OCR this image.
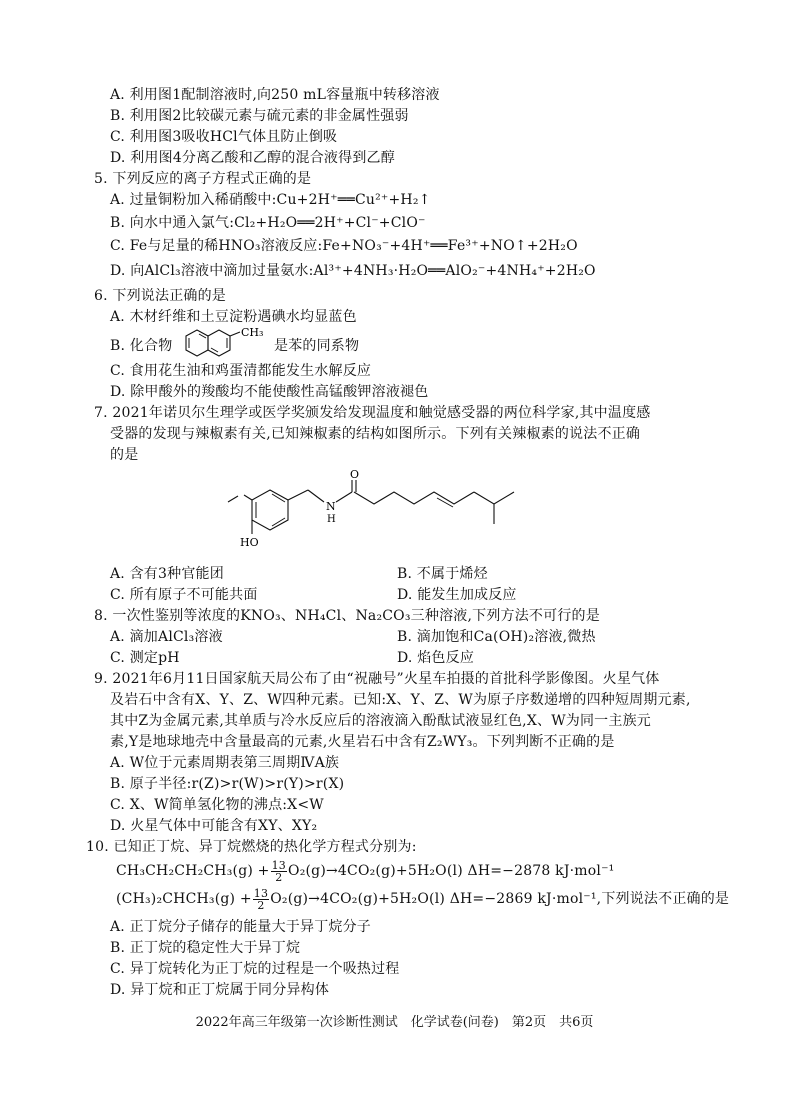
A. 利用图1配制溶液时,向250 mL容量瓶中转移溶液
B. 利用图2比较碳元素与硫元素的非金属性强弱
C. 利用图3吸收HCl气体且防止倒吸
D. 利用图4分离乙酸和乙醇的混合液得到乙醇
5. 下列反应的离子方程式正确的是
A. 过量铜粉加入稀硝酸中:Cu+2H⁺══Cu²⁺+H₂↑
B. 向水中通入氯气:Cl₂+H₂O══2H⁺+Cl⁻+ClO⁻
C. Fe与足量的稀HNO₃溶液反应:Fe+NO₃⁻+4H⁺══Fe³⁺+NO↑+2H₂O
D. 向AlCl₃溶液中滴加过量氨水:Al³⁺+4NH₃·H₂O══AlO₂⁻+4NH₄⁺+2H₂O
6. 下列说法正确的是
A. 木材纤维和土豆淀粉遇碘水均显蓝色
B. 化合物
CH₃
是苯的同系物
C. 食用花生油和鸡蛋清都能发生水解反应
D. 除甲酸外的羧酸均不能使酸性高锰酸钾溶液褪色
7. 2021年诺贝尔生理学或医学奖颁发给发现温度和触觉感受器的两位科学家,其中温度感
受器的发现与辣椒素有关,已知辣椒素的结构如图所示。下列有关辣椒素的说法不正确
的是
HO
N
H
O
A. 含有3种官能团	B. 不属于烯烃
C. 所有原子不可能共面	D. 能发生加成反应
8. 一次性鉴别等浓度的KNO₃、NH₄Cl、Na₂CO₃三种溶液,下列方法不可行的是
A. 滴加AlCl₃溶液	B. 滴加饱和Ca(OH)₂溶液,微热
C. 测定pH	D. 焰色反应
9. 2021年6月11日国家航天局公布了由“祝融号”火星车拍摄的首批科学影像图。火星气体
及岩石中含有X、Y、Z、W四种元素。已知:X、Y、Z、W为原子序数递增的四种短周期元素,
其中Z为金属元素,其单质与冷水反应后的溶液滴入酚酞试液显红色,X、W为同一主族元
素,Y是地球地壳中含量最高的元素,火星岩石中含有Z₂WY₃。下列判断不正确的是
A. W位于元素周期表第三周期ⅣA族
B. 原子半径:r(Z)>r(W)>r(Y)>r(X)
C. X、W简单氢化物的沸点:X<W
D. 火星气体中可能含有XY、XY₂
10. 已知正丁烷、异丁烷燃烧的热化学方程式分别为:
$CH_3CH_2CH_2CH_3(g) + \frac{13}{2} O_2(g)\to 4CO_2(g)+5H_2O(l)$ ΔH=−2878 kJ·mol⁻¹
(CH₃)₂CHCH₃(g) + $\frac{13}{2} O_2(g)\to 4CO_2(g)+5H_2O(l)$ ΔH=−2869 kJ·mol⁻¹,下列说法不正确的是
A. 正丁烷分子储存的能量大于异丁烷分子
B. 正丁烷的稳定性大于异丁烷
C. 异丁烷转化为正丁烷的过程是一个吸热过程
D. 异丁烷和正丁烷属于同分异构体
2022年高三年级第一次诊断性测试　化学试卷(问卷)　第2页　共6页
